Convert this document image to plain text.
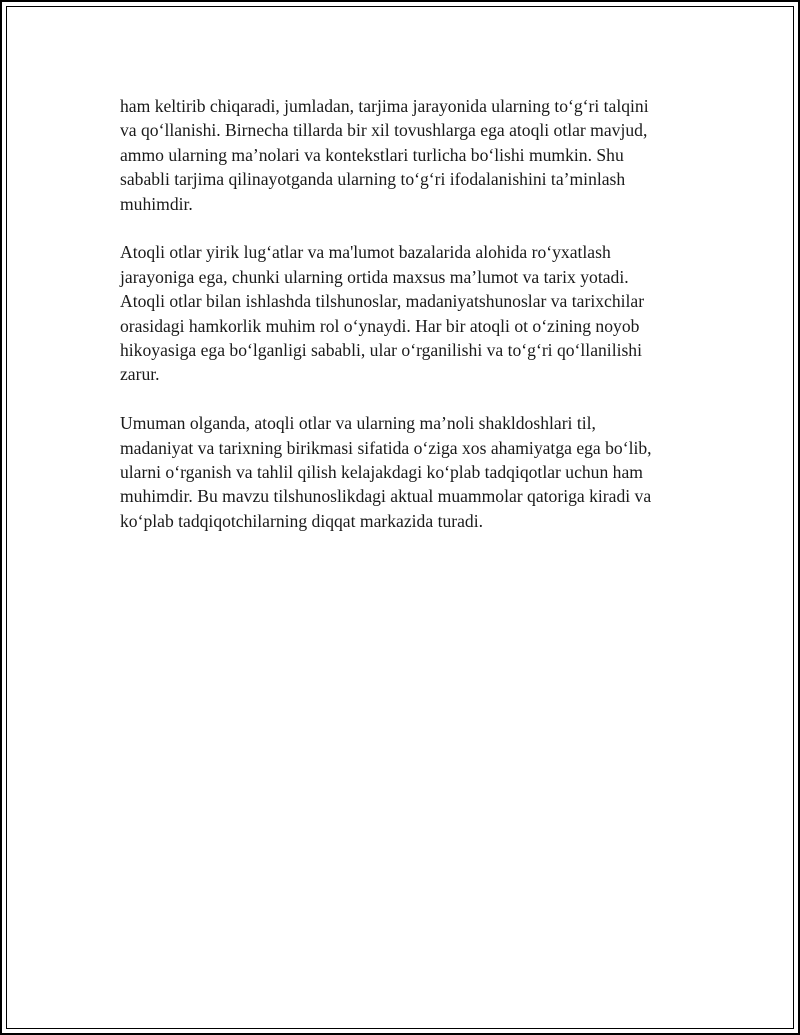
ham keltirib chiqaradi, jumladan, tarjima jarayonida ularning to‘g‘ri talqini
va qo‘llanishi. Birnecha tillarda bir xil tovushlarga ega atoqli otlar mavjud,
ammo ularning ma’nolari va kontekstlari turlicha bo‘lishi mumkin. Shu
sababli tarjima qilinayotganda ularning to‘g‘ri ifodalanishini ta’minlash
muhimdir.

Atoqli otlar yirik lug‘atlar va ma'lumot bazalarida alohida ro‘yxatlash
jarayoniga ega, chunki ularning ortida maxsus ma’lumot va tarix yotadi.
Atoqli otlar bilan ishlashda tilshunoslar, madaniyatshunoslar va tarixchilar
orasidagi hamkorlik muhim rol o‘ynaydi. Har bir atoqli ot o‘zining noyob
hikoyasiga ega bo‘lganligi sababli, ular o‘rganilishi va to‘g‘ri qo‘llanilishi
zarur.

Umuman olganda, atoqli otlar va ularning ma’noli shakldoshlari til,
madaniyat va tarixning birikmasi sifatida o‘ziga xos ahamiyatga ega bo‘lib,
ularni o‘rganish va tahlil qilish kelajakdagi ko‘plab tadqiqotlar uchun ham
muhimdir. Bu mavzu tilshunoslikdagi aktual muammolar qatoriga kiradi va
ko‘plab tadqiqotchilarning diqqat markazida turadi.
